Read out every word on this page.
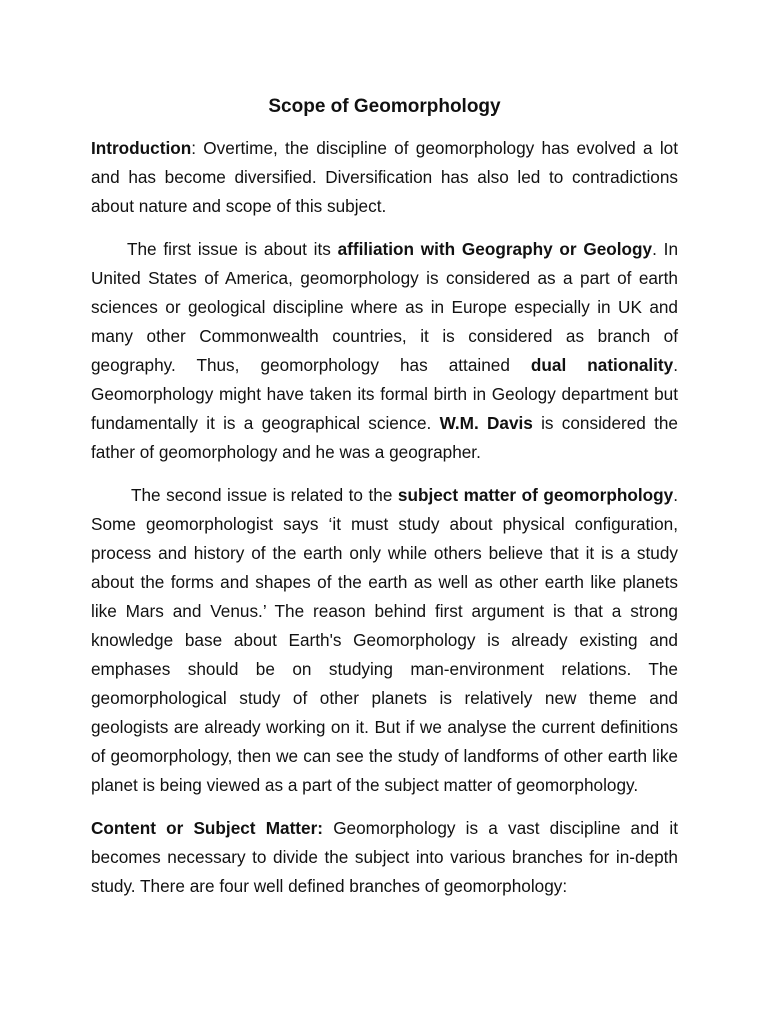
Scope of Geomorphology

Introduction: Overtime, the discipline of geomorphology has evolved a lot and has become diversified. Diversification has also led to contradictions about nature and scope of this subject.

The first issue is about its affiliation with Geography or Geology. In United States of America, geomorphology is considered as a part of earth sciences or geological discipline where as in Europe especially in UK and many other Commonwealth countries, it is considered as branch of geography. Thus, geomorphology has attained dual nationality. Geomorphology might have taken its formal birth in Geology department but fundamentally it is a geographical science. W.M. Davis is considered the father of geomorphology and he was a geographer.

The second issue is related to the subject matter of geomorphology. Some geomorphologist says ‘it must study about physical configuration, process and history of the earth only while others believe that it is a study about the forms and shapes of the earth as well as other earth like planets like Mars and Venus.’ The reason behind first argument is that a strong knowledge base about Earth's Geomorphology is already existing and emphases should be on studying man-environment relations. The geomorphological study of other planets is relatively new theme and geologists are already working on it. But if we analyse the current definitions of geomorphology, then we can see the study of landforms of other earth like planet is being viewed as a part of the subject matter of geomorphology.

Content or Subject Matter: Geomorphology is a vast discipline and it becomes necessary to divide the subject into various branches for in-depth study. There are four well defined branches of geomorphology:
